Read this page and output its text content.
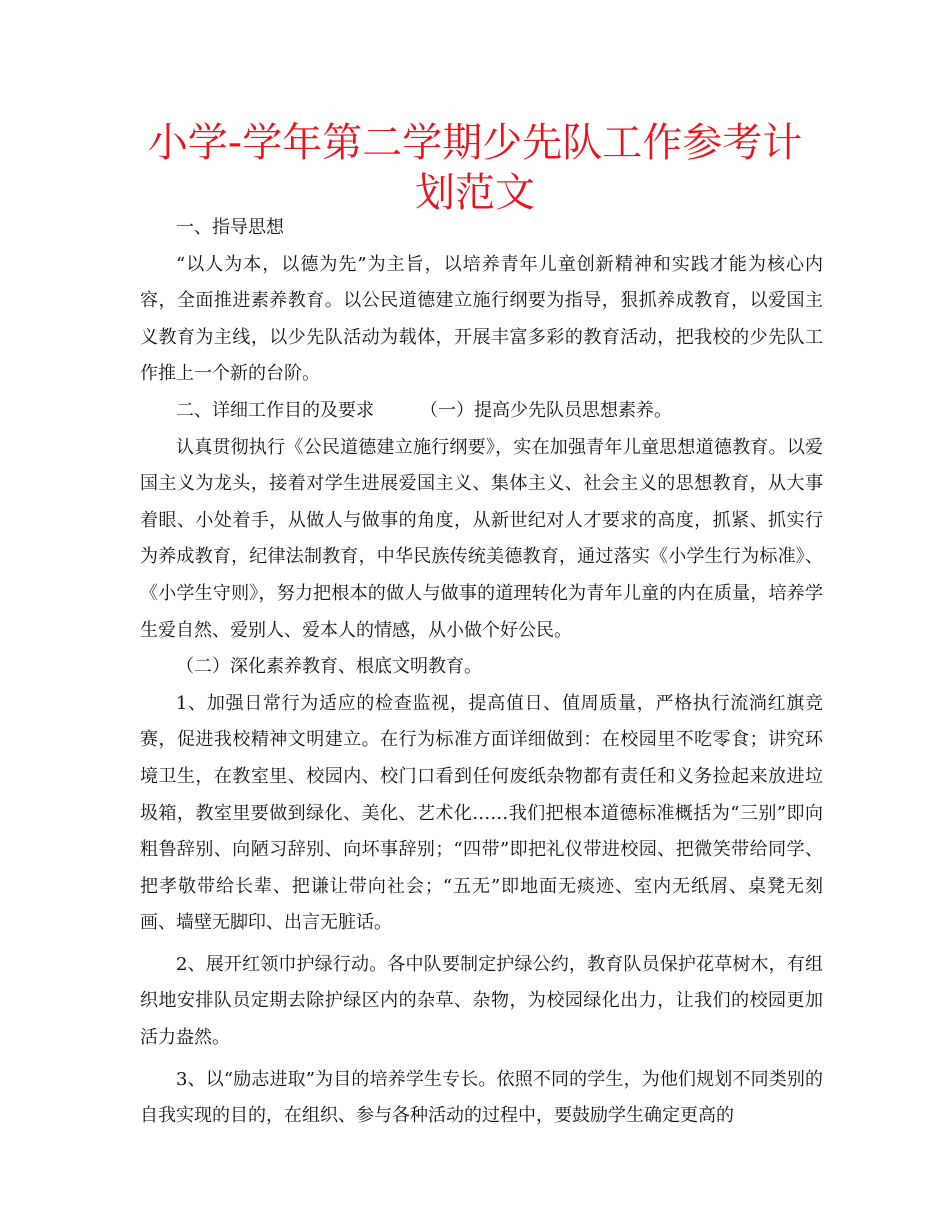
小学-学年第二学期少先队工作参考计划范文

一、指导思想

“以人为本，以德为先”为主旨，以培养青年儿童创新精神和实践才能为核心内容，全面推进素养教育。以公民道德建立施行纲要为指导，狠抓养成教育，以爱国主义教育为主线，以少先队活动为载体，开展丰富多彩的教育活动，把我校的少先队工作推上一个新的台阶。

二、详细工作目的及要求	（一）提高少先队员思想素养。

认真贯彻执行《公民道德建立施行纲要》，实在加强青年儿童思想道德教育。以爱国主义为龙头，接着对学生进展爱国主义、集体主义、社会主义的思想教育，从大事着眼、小处着手，从做人与做事的角度，从新世纪对人才要求的高度，抓紧、抓实行为养成教育，纪律法制教育，中华民族传统美德教育，通过落实《小学生行为标准》、《小学生守则》，努力把根本的做人与做事的道理转化为青年儿童的内在质量，培养学生爱自然、爱别人、爱本人的情感，从小做个好公民。

（二）深化素养教育、根底文明教育。

1、加强日常行为适应的检查监视，提高值日、值周质量，严格执行流淌红旗竞赛，促进我校精神文明建立。在行为标准方面详细做到：在校园里不吃零食；讲究环境卫生，在教室里、校园内、校门口看到任何废纸杂物都有责任和义务捡起来放进垃圾箱，教室里要做到绿化、美化、艺术化……我们把根本道德标准概括为“三别”即向粗鲁辞别、向陋习辞别、向坏事辞别；“四带”即把礼仪带进校园、把微笑带给同学、把孝敬带给长辈、把谦让带向社会；“五无”即地面无痰迹、室内无纸屑、桌凳无刻画、墙壁无脚印、出言无脏话。

2、展开红领巾护绿行动。各中队要制定护绿公约，教育队员保护花草树木，有组织地安排队员定期去除护绿区内的杂草、杂物，为校园绿化出力，让我们的校园更加活力盎然。

3、以“励志进取”为目的培养学生专长。依照不同的学生，为他们规划不同类别的自我实现的目的，在组织、参与各种活动的过程中，要鼓励学生确定更高的
